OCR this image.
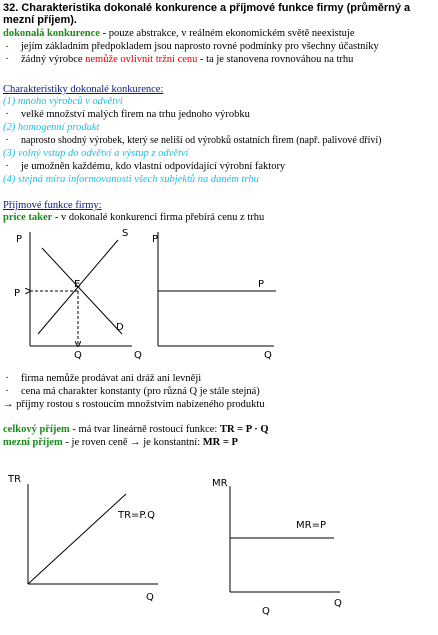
32. Charakteristika dokonalé konkurence a příjmové funkce firmy (průměrný a
mezní příjem).
dokonalá konkurence - pouze abstrakce, v reálném ekonomickém světě neexistuje
. jejím základním předpokladem jsou naprosto rovné podmínky pro všechny účastníky
. žádný výrobce nemůže ovlivnit tržní cenu - ta je stanovena rovnováhou na trhu
Charakteristiky dokonalé konkurence:
(1) mnoho výrobců v odvětví
. velké množství malých firem na trhu jednoho výrobku
(2) homogenní produkt
. naprosto shodný výrobek, který se neliší od výrobků ostatních firem (např. palivové dříví)
(3) volný vstup do odvětví a výstup z odvětví
. je umožněn každému, kdo vlastní odpovídající výrobní faktory
(4) stejná míra informovanosti všech subjektů na daném trhu
Příjmové funkce firmy:
price taker - v dokonalé konkurenci firma přebírá cenu z trhu
P
P
S
E
D
Q	Q
P
P
Q
. firma nemůže prodávat ani dráž ani levněji
. cena má charakter konstanty (pro různá Q je stále stejná)
→ příjmy rostou s rostoucím množstvím nabízeného produktu
celkový příjem - má tvar lineárně rostoucí funkce: TR = P · Q
mezní příjem - je roven ceně → je konstantní: MR = P
TR
TR=P.Q
Q
MR
MR=P
Q
Q
